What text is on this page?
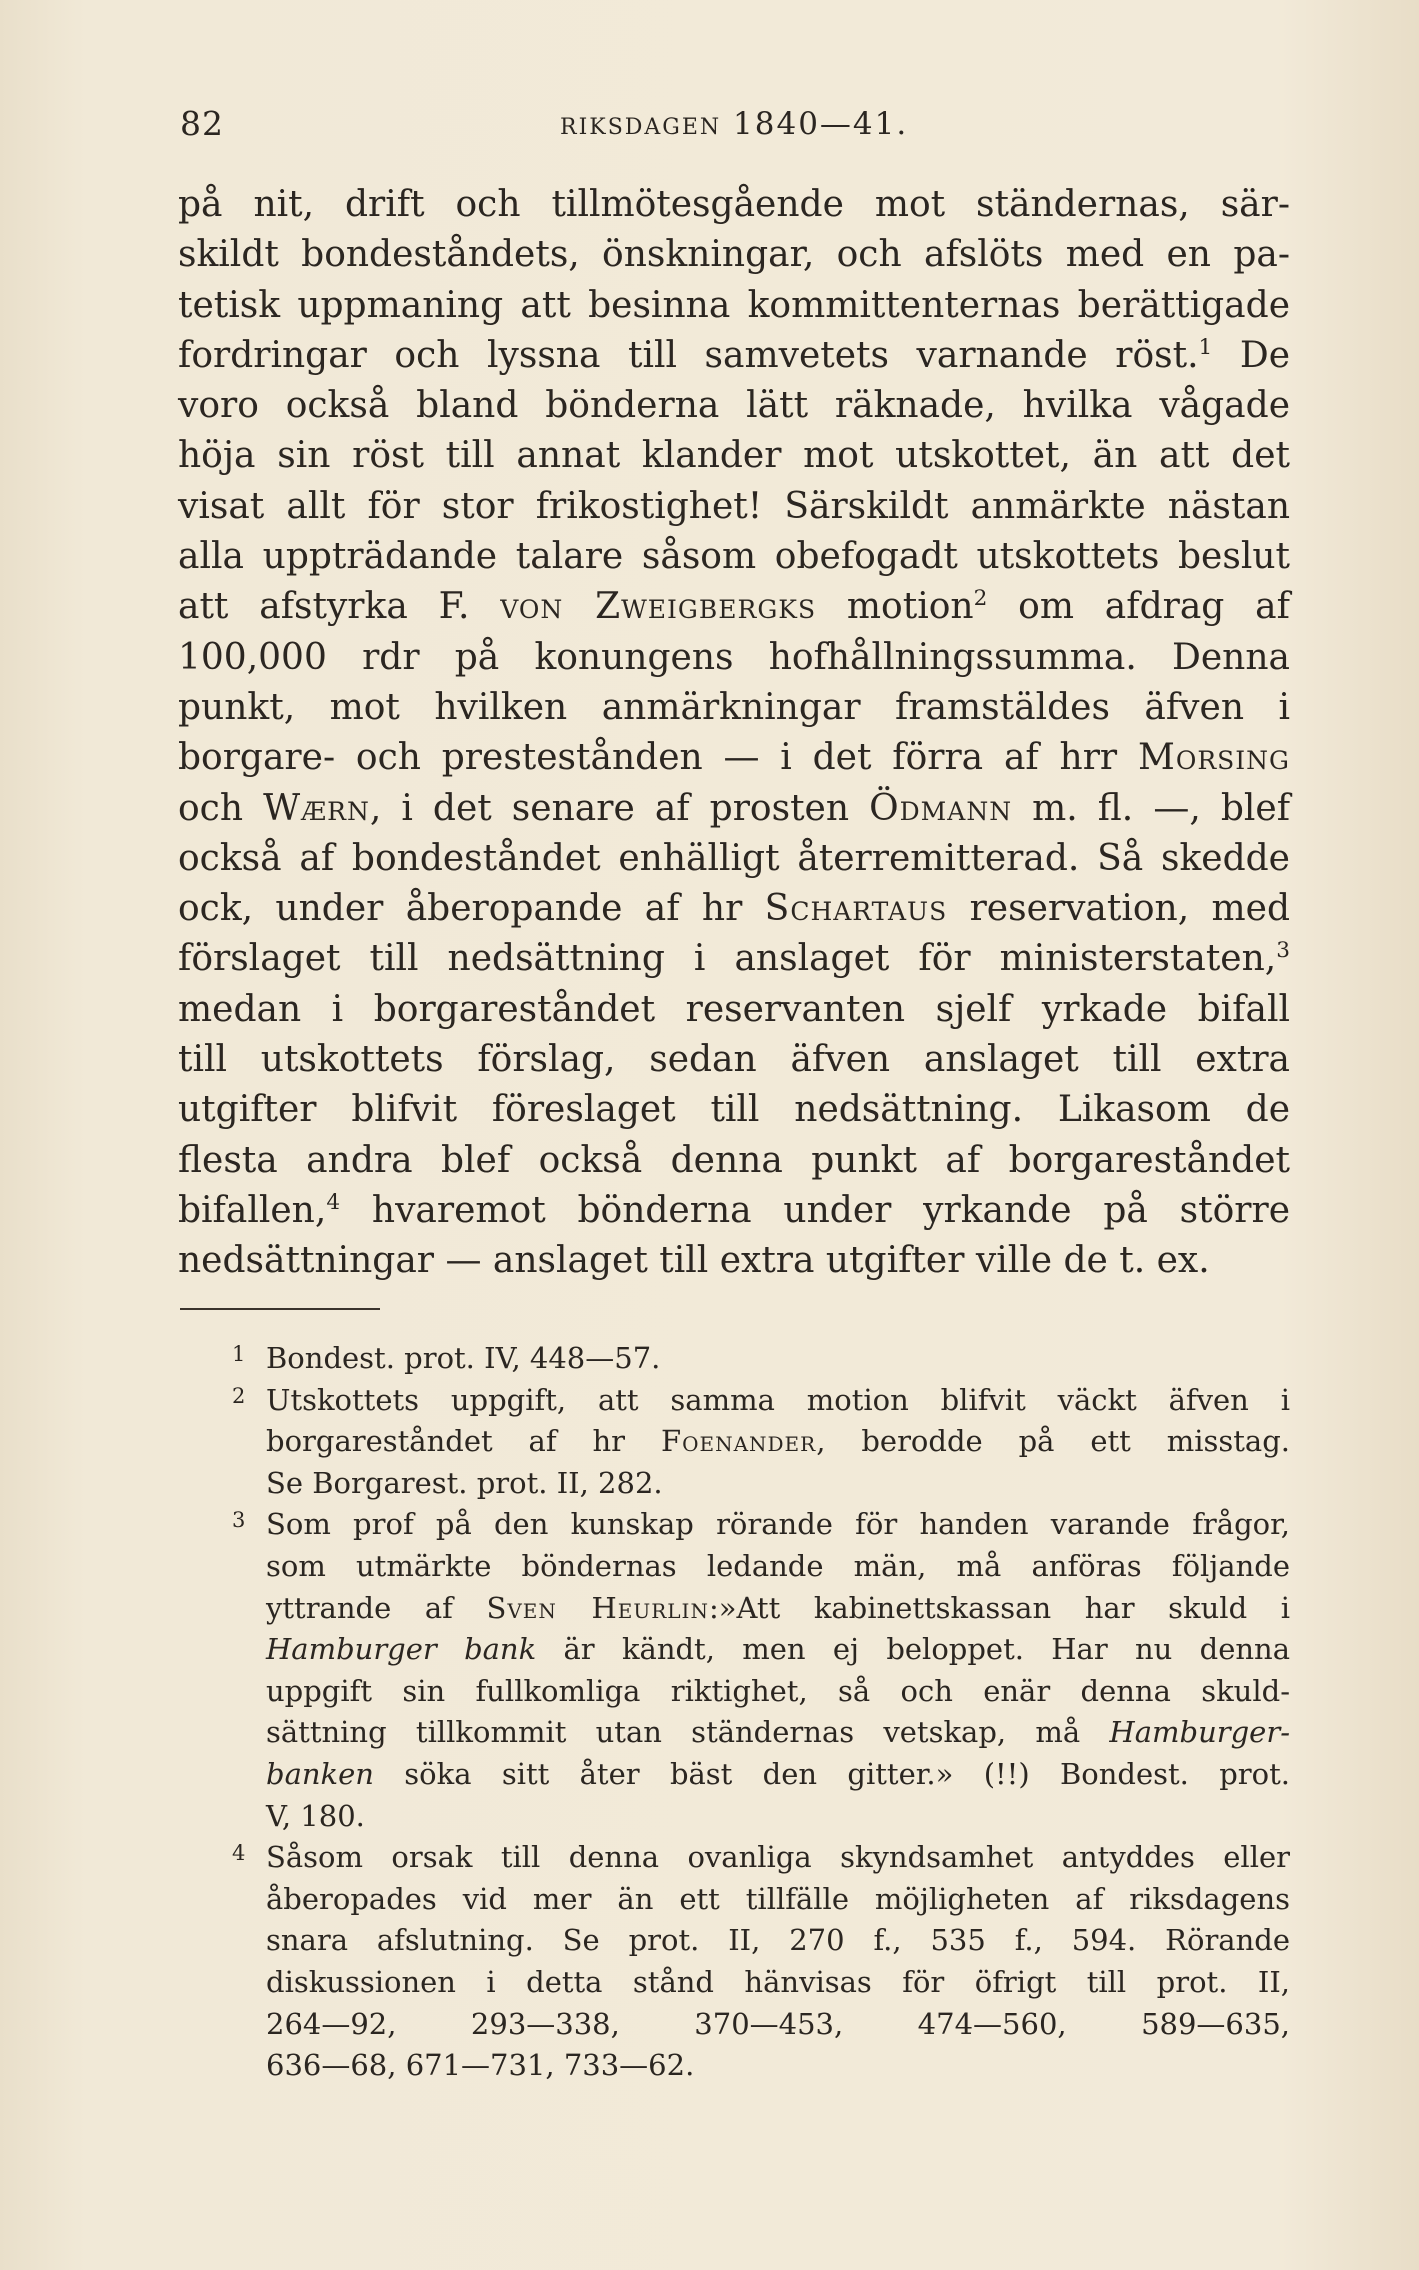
82	RIKSDAGEN 1840—41.
på nit, drift och tillmötesgående mot ständernas, sär-
skildt bondeståndets, önskningar, och afslöts med en pa-
tetisk uppmaning att besinna kommittenternas berättigade
fordringar och lyssna till samvetets varnande röst.$^1$ De
voro också bland bönderna lätt räknade, hvilka vågade
höja sin röst till annat klander mot utskottet, än att det
visat allt för stor frikostighet! Särskildt anmärkte nästan
alla uppträdande talare såsom obefogadt utskottets beslut
att afstyrka F. von Zweigbergks motion$^2$ om afdrag af
100,000 rdr på konungens hofhållningssumma. Denna
punkt, mot hvilken anmärkningar framstäldes äfven i
borgare- och prestestånden — i det förra af hrr Morsing
och Wærn, i det senare af prosten Ödmann m. fl. —, blef
också af bondeståndet enhälligt återremitterad. Så skedde
ock, under åberopande af hr Schartaus reservation, med
förslaget till nedsättning i anslaget för ministerstaten,$^3$
medan i borgareståndet reservanten sjelf yrkade bifall
till utskottets förslag, sedan äfven anslaget till extra
utgifter blifvit föreslaget till nedsättning. Likasom de
flesta andra blef också denna punkt af borgareståndet
bifallen,$^4$ hvaremot bönderna under yrkande på större
nedsättningar — anslaget till extra utgifter ville de t. ex.
1 Bondest. prot. IV, 448—57.
2 Utskottets uppgift, att samma motion blifvit väckt äfven i
borgareståndet af hr Foenander, berodde på ett misstag.
Se Borgarest. prot. II, 282.
3 Som prof på den kunskap rörande för handen varande frågor,
som utmärkte böndernas ledande män, må anföras följande
yttrande af Sven Heurlin:»Att kabinettskassan har skuld i
Hamburger bank är kändt, men ej beloppet. Har nu denna
uppgift sin fullkomliga riktighet, så och enär denna skuld-
sättning tillkommit utan ständernas vetskap, må Hamburger-
banken söka sitt åter bäst den gitter.» (!!) Bondest. prot.
V, 180.
4 Såsom orsak till denna ovanliga skyndsamhet antyddes eller
åberopades vid mer än ett tillfälle möjligheten af riksdagens
snara afslutning. Se prot. II, 270 f., 535 f., 594. Rörande
diskussionen i detta stånd hänvisas för öfrigt till prot. II,
264—92, 293—338, 370—453, 474—560, 589—635,
636—68, 671—731, 733—62.
